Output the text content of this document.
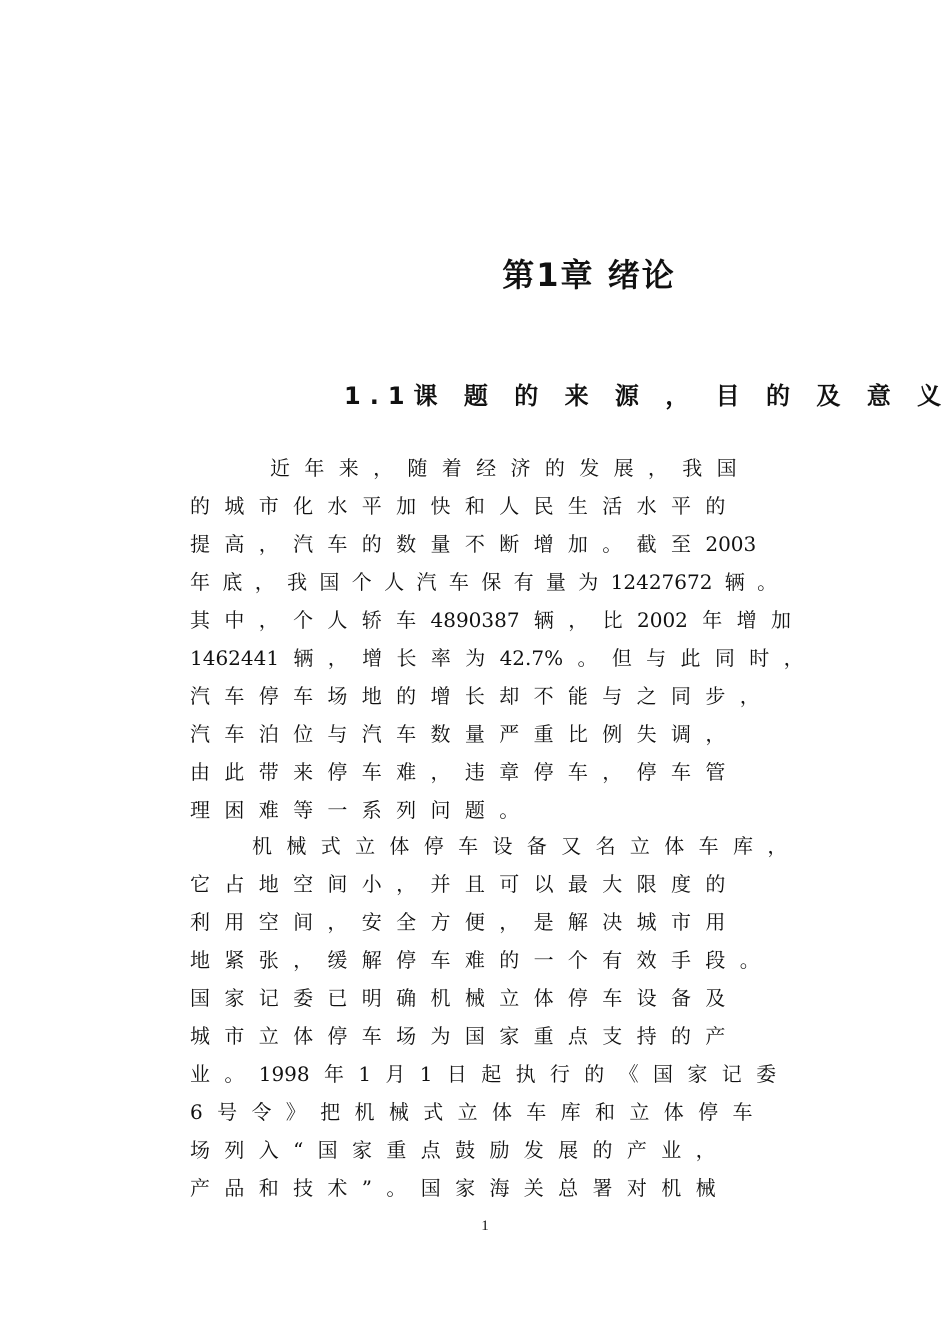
第1章 绪论
1.1课 题 的 来 源 ， 目 的 及 意 义
近 年 来 ， 随 着 经 济 的 发 展 ， 我 国
的 城 市 化 水 平 加 快 和 人 民 生 活 水 平 的
提 高 ， 汽 车 的 数 量 不 断 增 加 。 截 至 2003
年 底 ， 我 国 个 人 汽 车 保 有 量 为 12427672 辆 。
其 中 ， 个 人 轿 车 4890387 辆 ， 比 2002 年 增 加
1462441 辆 ， 增 长 率 为 42.7% 。 但 与 此 同 时 ，
汽 车 停 车 场 地 的 增 长 却 不 能 与 之 同 步 ，
汽 车 泊 位 与 汽 车 数 量 严 重 比 例 失 调 ，
由 此 带 来 停 车 难 ， 违 章 停 车 ， 停 车 管
理 困 难 等 一 系 列 问 题 。
机 械 式 立 体 停 车 设 备 又 名 立 体 车 库 ，
它 占 地 空 间 小 ， 并 且 可 以 最 大 限 度 的
利 用 空 间 ， 安 全 方 便 ， 是 解 决 城 市 用
地 紧 张 ， 缓 解 停 车 难 的 一 个 有 效 手 段 。
国 家 记 委 已 明 确 机 械 立 体 停 车 设 备 及
城 市 立 体 停 车 场 为 国 家 重 点 支 持 的 产
业 。 1998 年 1 月 1 日 起 执 行 的 《 国 家 记 委
6 号 令 》 把 机 械 式 立 体 车 库 和 立 体 停 车
场 列 入 “ 国 家 重 点 鼓 励 发 展 的 产 业 ，
产 品 和 技 术 ” 。 国 家 海 关 总 署 对 机 械
1
